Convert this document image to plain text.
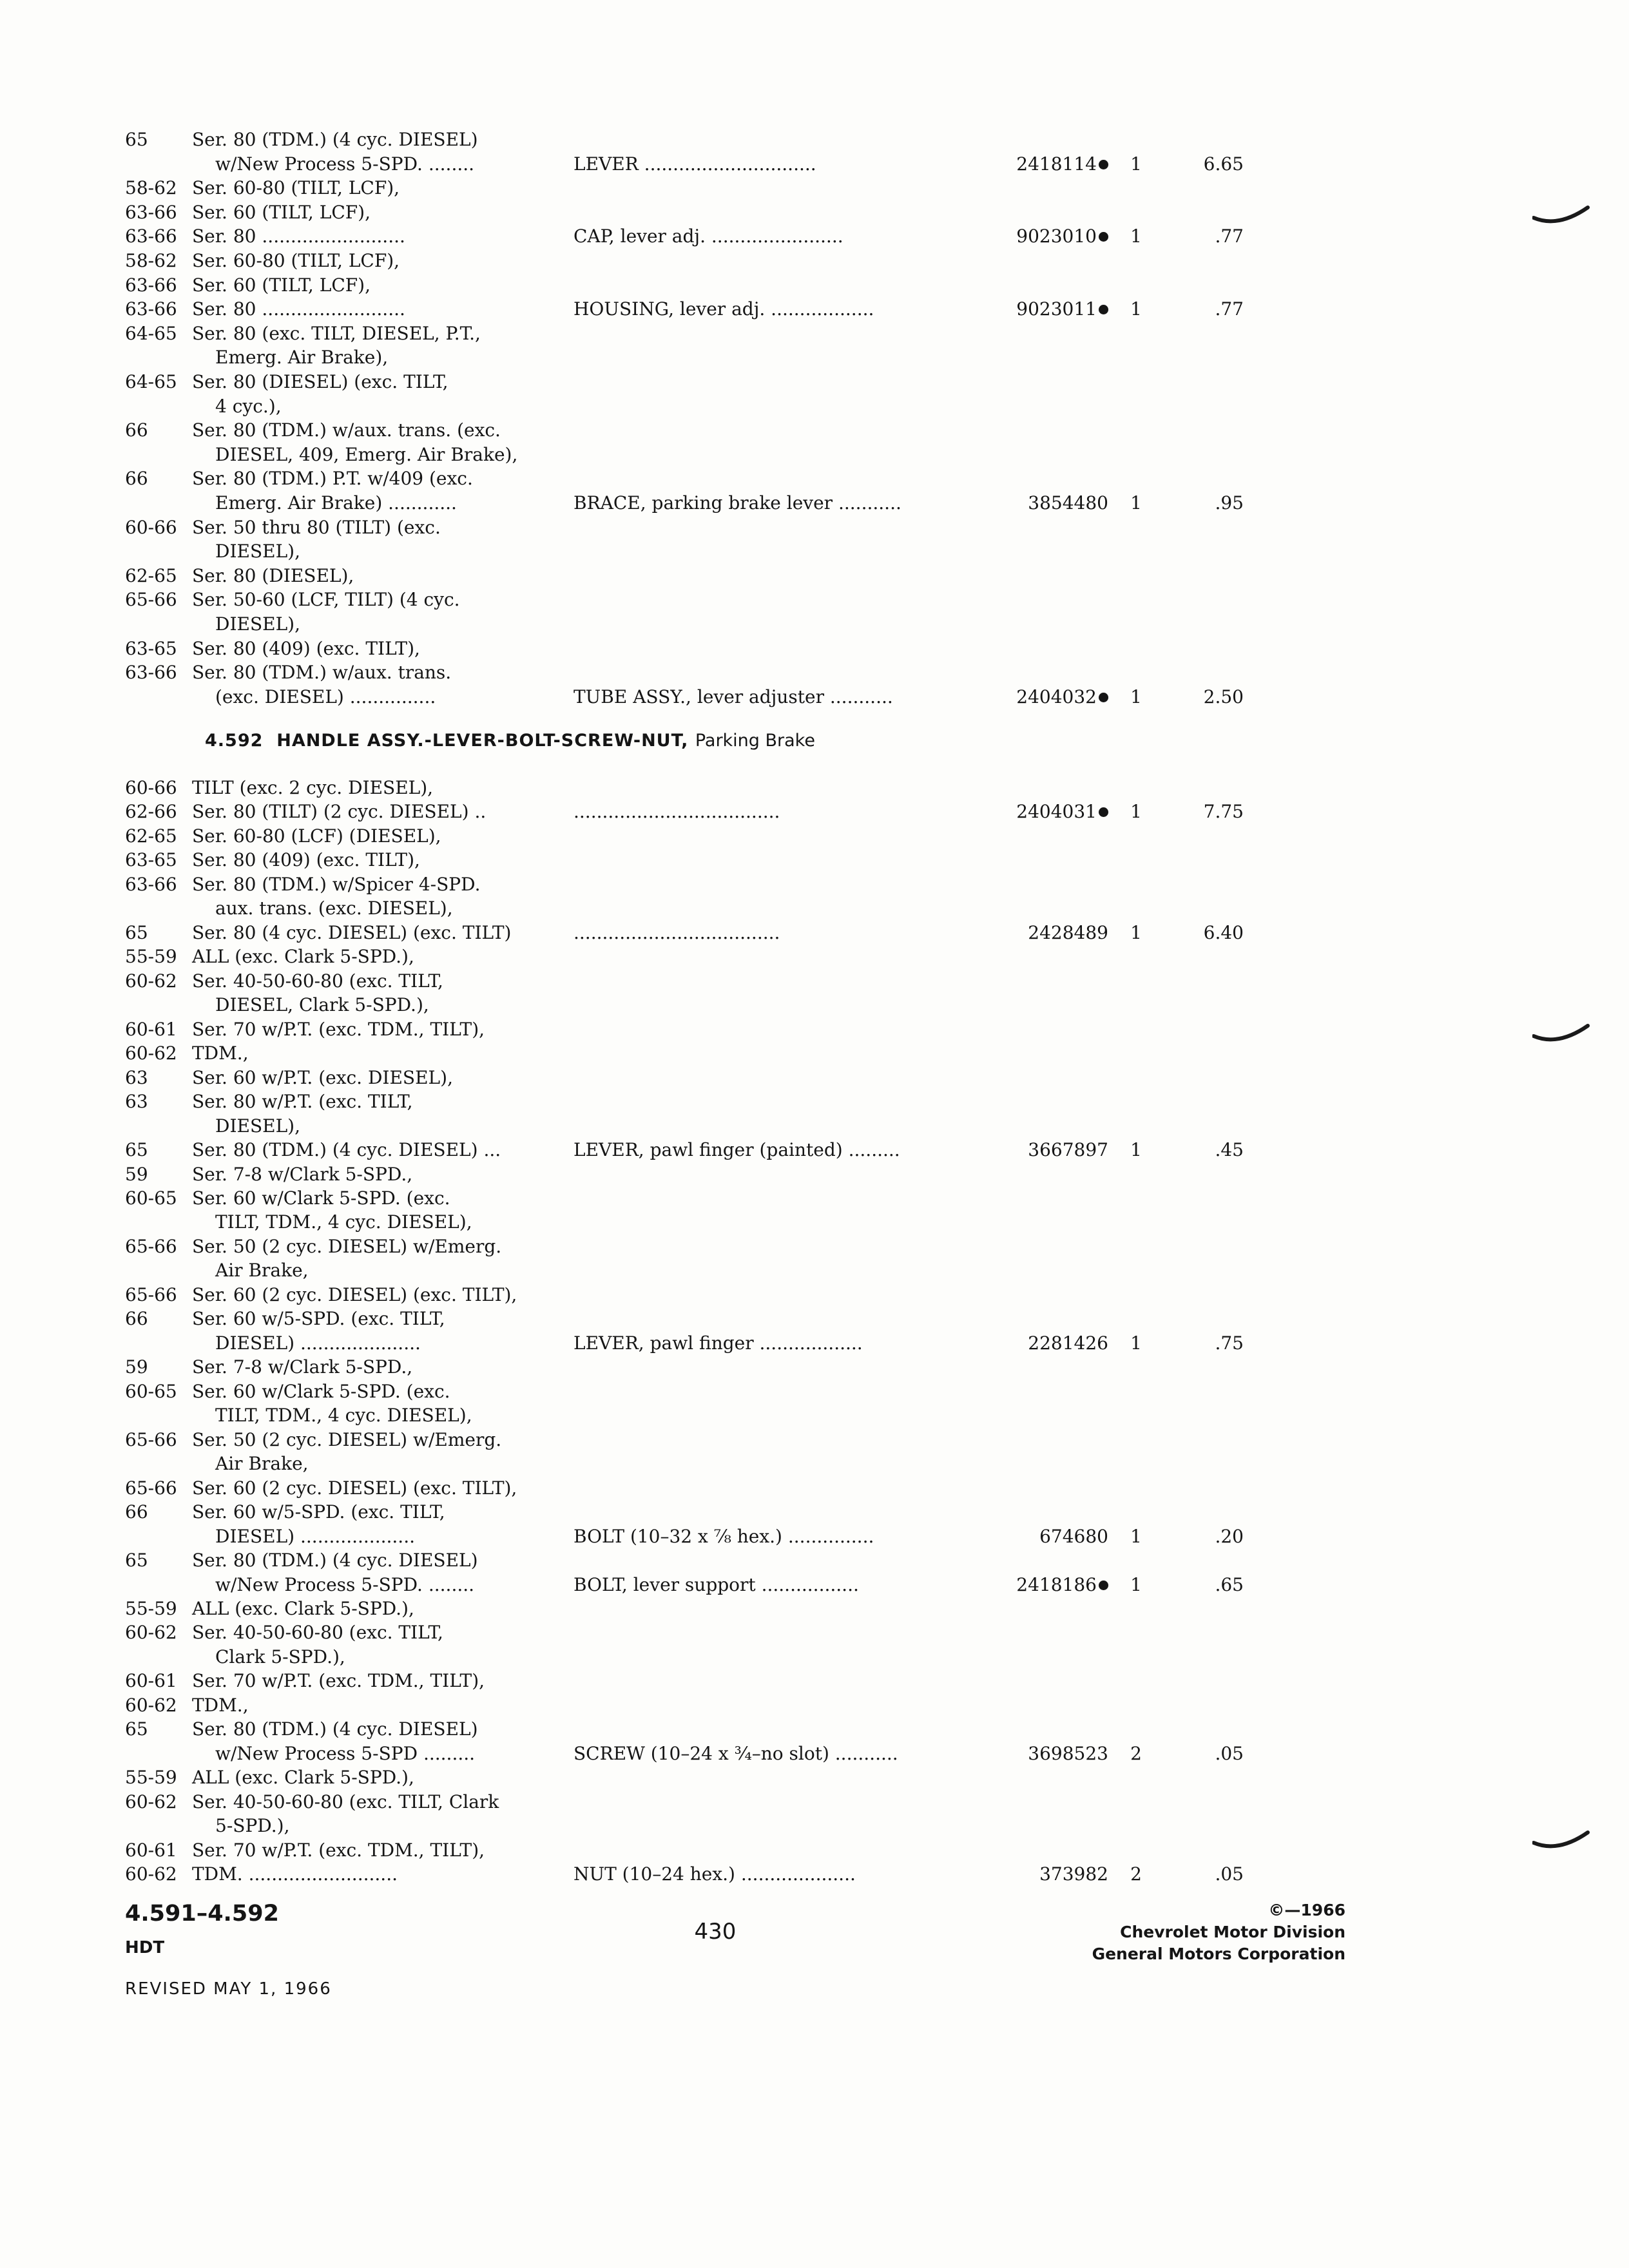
65 Ser. 80 (TDM.) (4 cyc. DIESEL)
w/New Process 5-SPD. ........	LEVER ..............................	2418114	1	6.65
58-62 Ser. 60-80 (TILT, LCF),
63-66 Ser. 60 (TILT, LCF),
63-66 Ser. 80 .........................	CAP, lever adj. .......................	9023010	1	.77
58-62 Ser. 60-80 (TILT, LCF),
63-66 Ser. 60 (TILT, LCF),
63-66 Ser. 80 .........................	HOUSING, lever adj. ..................	9023011	1	.77
64-65 Ser. 80 (exc. TILT, DIESEL, P.T.,
Emerg. Air Brake),
64-65 Ser. 80 (DIESEL) (exc. TILT,
4 cyc.),
66 Ser. 80 (TDM.) w/aux. trans. (exc.
DIESEL, 409, Emerg. Air Brake),
66 Ser. 80 (TDM.) P.T. w/409 (exc.
Emerg. Air Brake) ............	BRACE, parking brake lever ...........	3854480 1	.95
60-66 Ser. 50 thru 80 (TILT) (exc.
DIESEL),
62-65 Ser. 80 (DIESEL),
65-66 Ser. 50-60 (LCF, TILT) (4 cyc.
DIESEL),
63-65 Ser. 80 (409) (exc. TILT),
63-66 Ser. 80 (TDM.) w/aux. trans.
(exc. DIESEL) ...............	TUBE ASSY., lever adjuster ...........	2404032	1	2.50
60-66 TILT (exc. 2 cyc. DIESEL),
62-66 Ser. 80 (TILT) (2 cyc. DIESEL) ..	....................................	2404031	1	7.75
62-65 Ser. 60-80 (LCF) (DIESEL),
63-65 Ser. 80 (409) (exc. TILT),
63-66 Ser. 80 (TDM.) w/Spicer 4-SPD.
aux. trans. (exc. DIESEL),
65 Ser. 80 (4 cyc. DIESEL) (exc. TILT)	....................................	2428489 1	6.40
55-59 ALL (exc. Clark 5-SPD.),
60-62 Ser. 40-50-60-80 (exc. TILT,
DIESEL, Clark 5-SPD.),
60-61 Ser. 70 w/P.T. (exc. TDM., TILT),
60-62 TDM.,
63 Ser. 60 w/P.T. (exc. DIESEL),
63 Ser. 80 w/P.T. (exc. TILT,
DIESEL),
65 Ser. 80 (TDM.) (4 cyc. DIESEL) ...	LEVER, pawl finger (painted) .........	3667897 1	.45
59 Ser. 7-8 w/Clark 5-SPD.,
60-65 Ser. 60 w/Clark 5-SPD. (exc.
TILT, TDM., 4 cyc. DIESEL),
65-66 Ser. 50 (2 cyc. DIESEL) w/Emerg.
Air Brake,
65-66 Ser. 60 (2 cyc. DIESEL) (exc. TILT),
66 Ser. 60 w/5-SPD. (exc. TILT,
DIESEL) .....................	LEVER, pawl finger ..................	2281426 1	.75
59 Ser. 7-8 w/Clark 5-SPD.,
60-65 Ser. 60 w/Clark 5-SPD. (exc.
TILT, TDM., 4 cyc. DIESEL),
65-66 Ser. 50 (2 cyc. DIESEL) w/Emerg.
Air Brake,
65-66 Ser. 60 (2 cyc. DIESEL) (exc. TILT),
66 Ser. 60 w/5-SPD. (exc. TILT,
DIESEL) ....................	BOLT (10–32 x ⅞ hex.) ...............	674680 1	.20
65 Ser. 80 (TDM.) (4 cyc. DIESEL)
w/New Process 5-SPD. ........	BOLT, lever support .................	2418186	1	.65
55-59 ALL (exc. Clark 5-SPD.),
60-62 Ser. 40-50-60-80 (exc. TILT,
Clark 5-SPD.),
60-61 Ser. 70 w/P.T. (exc. TDM., TILT),
60-62 TDM.,
65 Ser. 80 (TDM.) (4 cyc. DIESEL)
w/New Process 5-SPD .........	SCREW (10–24 x ¾–no slot) ...........	3698523 2	.05
55-59 ALL (exc. Clark 5-SPD.),
60-62 Ser. 40-50-60-80 (exc. TILT, Clark
5-SPD.),
60-61 Ser. 70 w/P.T. (exc. TDM., TILT),
60-62 TDM. ..........................	NUT (10–24 hex.) ....................	373982 2	.05
4.592 HANDLE ASSY.-LEVER-BOLT-SCREW-NUT, Parking Brake
4.591–4.592
HDT
REVISED MAY 1, 1966
430
©—1966
Chevrolet Motor Division
General Motors Corporation
